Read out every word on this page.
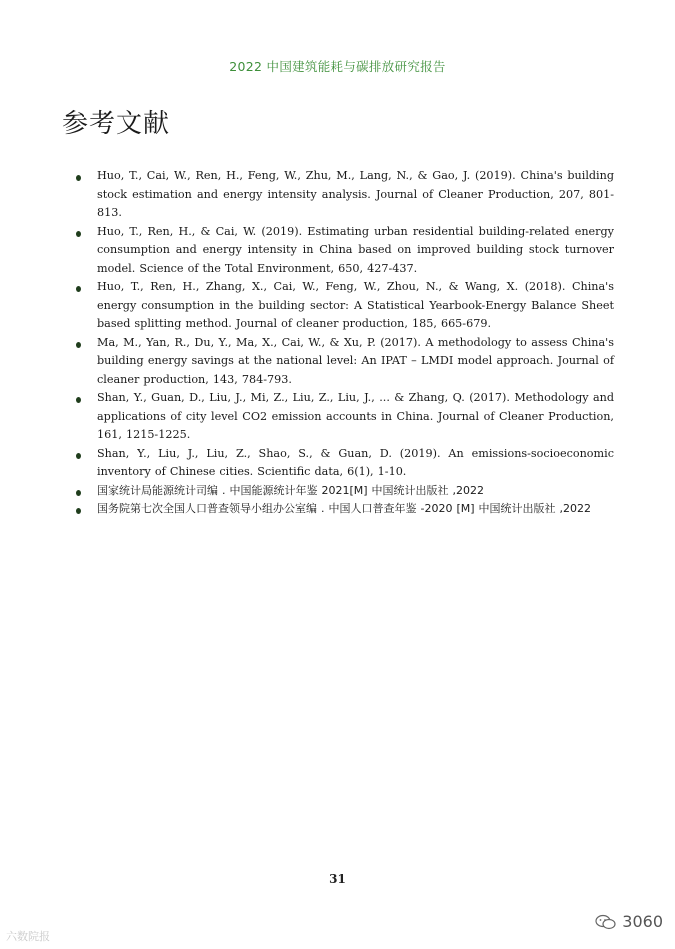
2022 中国建筑能耗与碳排放研究报告
参考文献
Huo, T., Cai, W., Ren, H., Feng, W., Zhu, M., Lang, N., & Gao, J. (2019). China's building stock estimation and energy intensity analysis. Journal of Cleaner Production, 207, 801-813.
Huo, T., Ren, H., & Cai, W. (2019). Estimating urban residential building-related energy consumption and energy intensity in China based on improved building stock turnover model. Science of the Total Environment, 650, 427-437.
Huo, T., Ren, H., Zhang, X., Cai, W., Feng, W., Zhou, N., & Wang, X. (2018). China's energy consumption in the building sector: A Statistical Yearbook-Energy Balance Sheet based splitting method. Journal of cleaner production, 185, 665-679.
Ma, M., Yan, R., Du, Y., Ma, X., Cai, W., & Xu, P. (2017). A methodology to assess China's building energy savings at the national level: An IPAT – LMDI model approach. Journal of cleaner production, 143, 784-793.
Shan, Y., Guan, D., Liu, J., Mi, Z., Liu, Z., Liu, J., ... & Zhang, Q. (2017). Methodology and applications of city level CO2 emission accounts in China. Journal of Cleaner Production, 161, 1215-1225.
Shan, Y., Liu, J., Liu, Z., Shao, S., & Guan, D. (2019). An emissions-socioeconomic inventory of Chinese cities. Scientific data, 6(1), 1-10.
国家统计局能源统计司编 . 中国能源统计年鉴 2021[M] 中国统计出版社 ,2022
国务院第七次全国人口普查领导小组办公室编 . 中国人口普查年鉴 -2020 [M] 中国统计出版社 ,2022
31
六数院报
3060
